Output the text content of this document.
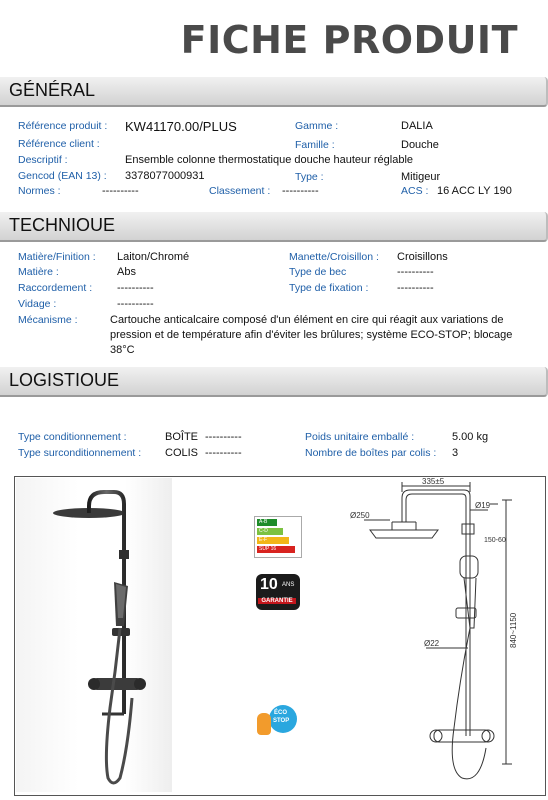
FICHE PRODUIT
GÉNÉRAL
Référence produit : KW41170.00/PLUS	Gamme :	DALIA
Référence client :	Famille :	Douche
Descriptif :	Ensemble colonne thermostatique douche hauteur réglable
Gencod (EAN 13) : 3378077000931	Type :	Mitigeur
Normes :	----------	Classement : ----------	ACS : 16 ACC LY 190
TECHNIOUE
Matière/Finition : Laiton/Chromé	Manette/Croisillon : Croisillons
Matière :	Abs	Type de bec	----------
Raccordement : ----------	Type de fixation :	----------
Vidage :	----------
Mécanisme :	Cartouche anticalcaire composé d'un élément en cire qui réagit aux variations de pression et de température afin d'éviter les brûlures; système ECO-STOP; blocage 38°C
LOGISTIOUE
Type conditionnement :	BOÎTE ----------	Poids unitaire emballé :	5.00 kg
Type surconditionnement : COLIS ----------	Nombre de boîtes par colis : 3
A-B
C-D
E-F
SUP 16
10 ANS
GARANTIE
ÉCO
STOP
335±5
Ø250
Ø19
150-60
840~1150
Ø22
